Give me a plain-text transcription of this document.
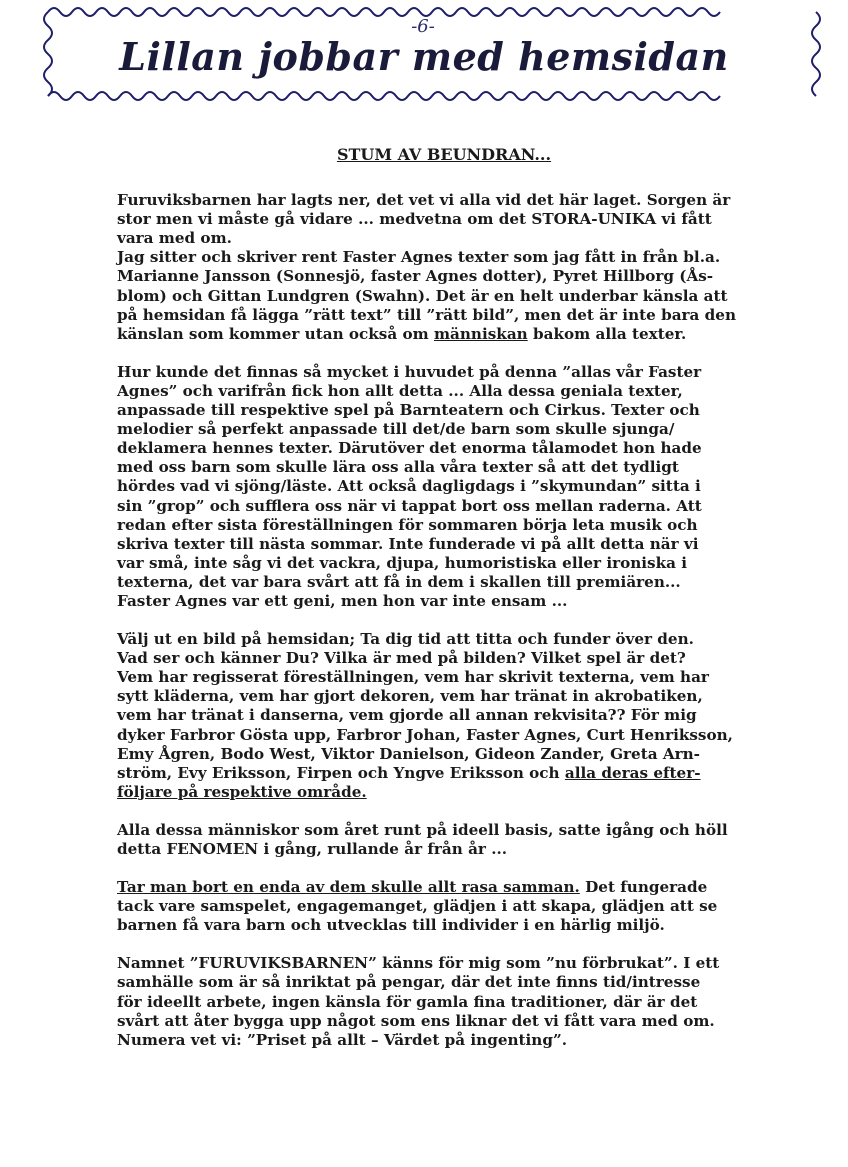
-6-
Lillan jobbar med hemsidan
STUM AV BEUNDRAN...
Furuviksbarnen har lagts ner, det vet vi alla vid det här laget. Sorgen är
stor men vi måste gå vidare ... medvetna om det STORA-UNIKA vi fått
vara med om.
Jag sitter och skriver rent Faster Agnes texter som jag fått in från bl.a.
Marianne Jansson (Sonnesjö, faster Agnes dotter), Pyret Hillborg (Ås-
blom) och Gittan Lundgren (Swahn). Det är en helt underbar känsla att
på hemsidan få lägga ”rätt text” till ”rätt bild”, men det är inte bara den
känslan som kommer utan också om människan bakom alla texter.
Hur kunde det finnas så mycket i huvudet på denna ”allas vår Faster
Agnes” och varifrån fick hon allt detta ... Alla dessa geniala texter,
anpassade till respektive spel på Barnteatern och Cirkus. Texter och
melodier så perfekt anpassade till det/de barn som skulle sjunga/
deklamera hennes texter. Därutöver det enorma tålamodet hon hade
med oss barn som skulle lära oss alla våra texter så att det tydligt
hördes vad vi sjöng/läste. Att också dagligdags i ”skymundan” sitta i
sin ”grop” och sufflera oss när vi tappat bort oss mellan raderna. Att
redan efter sista föreställningen för sommaren börja leta musik och
skriva texter till nästa sommar. Inte funderade vi på allt detta när vi
var små, inte såg vi det vackra, djupa, humoristiska eller ironiska i
texterna, det var bara svårt att få in dem i skallen till premiären...
Faster Agnes var ett geni, men hon var inte ensam ...
Välj ut en bild på hemsidan; Ta dig tid att titta och funder över den.
Vad ser och känner Du? Vilka är med på bilden? Vilket spel är det?
Vem har regisserat föreställningen, vem har skrivit texterna, vem har
sytt kläderna, vem har gjort dekoren, vem har tränat in akrobatiken,
vem har tränat i danserna, vem gjorde all annan rekvisita?? För mig
dyker Farbror Gösta upp, Farbror Johan, Faster Agnes, Curt Henriksson,
Emy Ågren, Bodo West, Viktor Danielson, Gideon Zander, Greta Arn-
ström, Evy Eriksson, Firpen och Yngve Eriksson och alla deras efter-
följare på respektive område.
Alla dessa människor som året runt på ideell basis, satte igång och höll
detta FENOMEN i gång, rullande år från år ...
Tar man bort en enda av dem skulle allt rasa samman. Det fungerade
tack vare samspelet, engagemanget, glädjen i att skapa, glädjen att se
barnen få vara barn och utvecklas till individer i en härlig miljö.
Namnet ”FURUVIKSBARNEN” känns för mig som ”nu förbrukat”. I ett
samhälle som är så inriktat på pengar, där det inte finns tid/intresse
för ideellt arbete, ingen känsla för gamla fina traditioner, där är det
svårt att åter bygga upp något som ens liknar det vi fått vara med om.
Numera vet vi: ”Priset på allt – Värdet på ingenting”.
